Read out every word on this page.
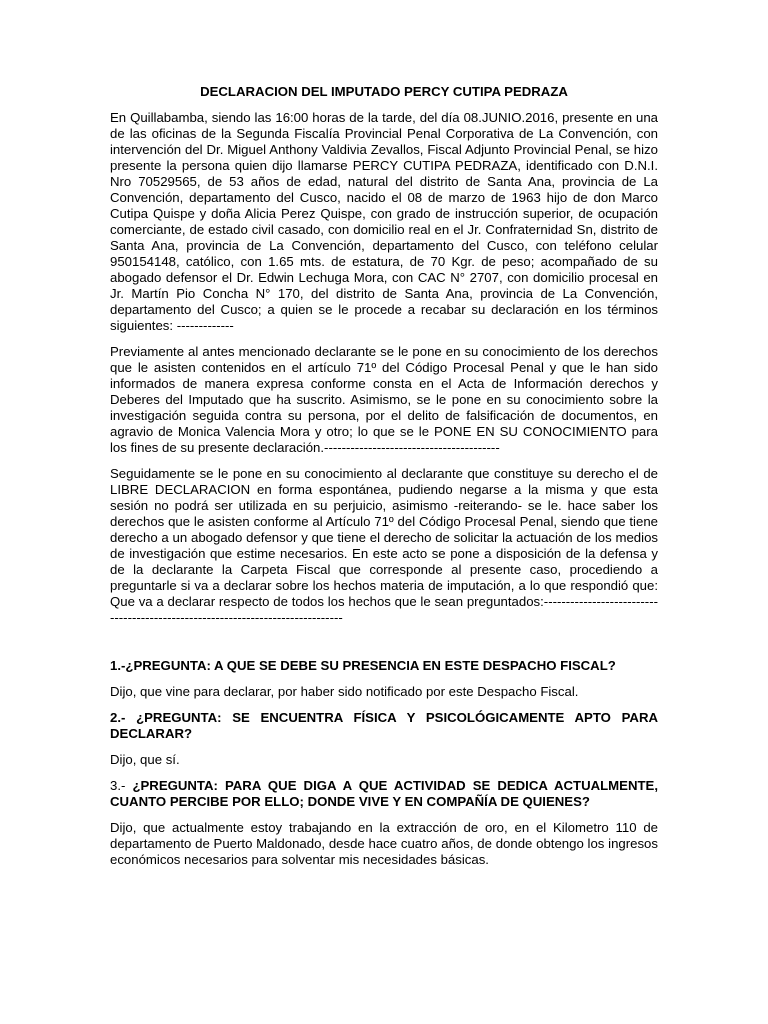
DECLARACION DEL IMPUTADO PERCY CUTIPA PEDRAZA
En Quillabamba, siendo las 16:00 horas de la tarde, del día 08.JUNIO.2016, presente en una de las oficinas de la Segunda Fiscalía Provincial Penal Corporativa de La Convención, con intervención del Dr. Miguel Anthony Valdivia Zevallos, Fiscal Adjunto Provincial Penal, se hizo presente la persona quien dijo llamarse PERCY CUTIPA PEDRAZA, identificado con D.N.I. Nro 70529565, de 53 años de edad, natural del distrito de Santa Ana, provincia de La Convención, departamento del Cusco, nacido el 08 de marzo de 1963 hijo de don Marco Cutipa Quispe y doña Alicia Perez Quispe, con grado de instrucción superior, de ocupación comerciante, de estado civil casado, con domicilio real en el Jr. Confraternidad Sn, distrito de Santa Ana, provincia de La Convención, departamento del Cusco, con teléfono celular 950154148, católico, con 1.65 mts. de estatura, de 70 Kgr. de peso; acompañado de su abogado defensor el Dr. Edwin Lechuga Mora, con CAC N° 2707, con domicilio procesal en Jr. Martín Pio Concha N° 170, del distrito de Santa Ana, provincia de La Convención, departamento del Cusco; a quien se le procede a recabar su declaración en los términos siguientes: -------------
Previamente al antes mencionado declarante se le pone en su conocimiento de los derechos que le asisten contenidos en el artículo 71º del Código Procesal Penal y que le han sido informados de manera expresa conforme consta en el Acta de Información derechos y Deberes del Imputado que ha suscrito. Asimismo, se le pone en su conocimiento sobre la investigación seguida contra su persona, por el delito de falsificación de documentos, en agravio de Monica Valencia Mora y otro; lo que se le PONE EN SU CONOCIMIENTO para los fines de su presente declaración.----------------------------------------
Seguidamente se le pone en su conocimiento al declarante que constituye su derecho el de LIBRE DECLARACION en forma espontánea, pudiendo negarse a la misma y que esta sesión no podrá ser utilizada en su perjuicio, asimismo -reiterando- se le. hace saber los derechos que le asisten conforme al Artículo 71º del Código Procesal Penal, siendo que tiene derecho a un abogado defensor y que tiene el derecho de solicitar la actuación de los medios de investigación que estime necesarios. En este acto se pone a disposición de la defensa y de la declarante la Carpeta Fiscal que corresponde al presente caso, procediendo a preguntarle si va a declarar sobre los hechos materia de imputación, a lo que respondió que: Que va a declarar respecto de todos los hechos que le sean preguntados:-------------------------------------------------------------------------------
1.-¿PREGUNTA: A QUE SE DEBE SU PRESENCIA EN ESTE DESPACHO FISCAL?
Dijo, que vine para declarar, por haber sido notificado por este Despacho Fiscal.
2.- ¿PREGUNTA: SE ENCUENTRA FÍSICA Y PSICOLÓGICAMENTE APTO PARA DECLARAR?
Dijo, que sí.
3.- ¿PREGUNTA: PARA QUE DIGA A QUE ACTIVIDAD SE DEDICA ACTUALMENTE, CUANTO PERCIBE POR ELLO; DONDE VIVE Y EN COMPAÑÍA DE QUIENES?
Dijo, que actualmente estoy trabajando en la extracción de oro, en el Kilometro 110 de departamento de Puerto Maldonado, desde hace cuatro años, de donde obtengo los ingresos económicos necesarios para solventar mis necesidades básicas.
